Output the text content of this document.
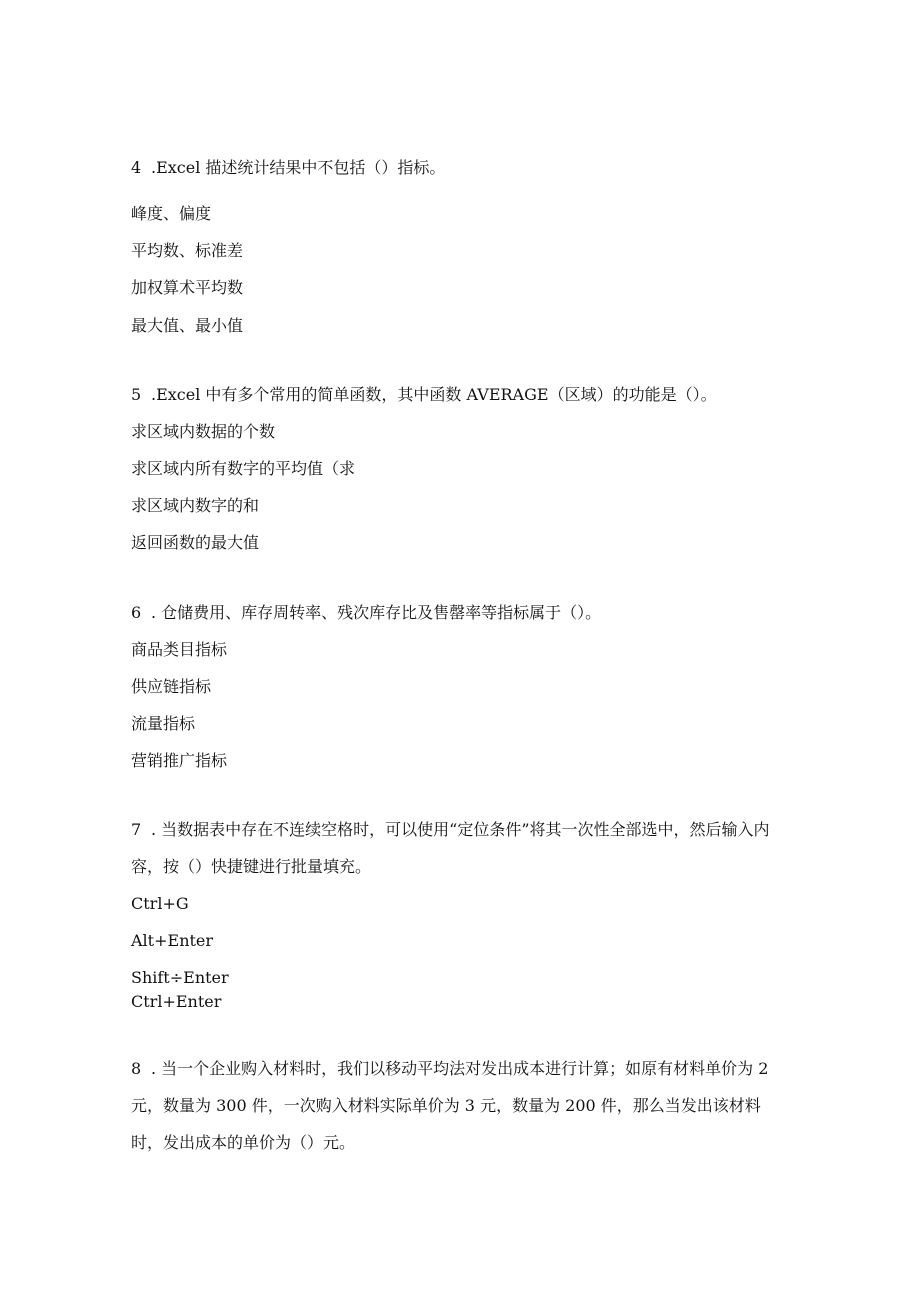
4 .Excel 描述统计结果中不包括（）指标。
峰度、偏度
平均数、标准差
加权算术平均数
最大值、最小值
5 .Excel 中有多个常用的简单函数，其中函数 AVERAGE（区域）的功能是（）。
求区域内数据的个数
求区域内所有数字的平均值（求
求区域内数字的和
返回函数的最大值
6 . 仓储费用、库存周转率、残次库存比及售罄率等指标属于（）。
商品类目指标
供应链指标
流量指标
营销推广指标
7 . 当数据表中存在不连续空格时，可以使用“定位条件”将其一次性全部选中，然后输入内容，按（）快捷键进行批量填充。
Ctrl+G
Alt+Enter
Shift÷Enter
Ctrl+Enter
8 . 当一个企业购入材料时，我们以移动平均法对发出成本进行计算；如原有材料单价为 2 元，数量为 300 件，一次购入材料实际单价为 3 元，数量为 200 件，那么当发出该材料时，发出成本的单价为（）元。
